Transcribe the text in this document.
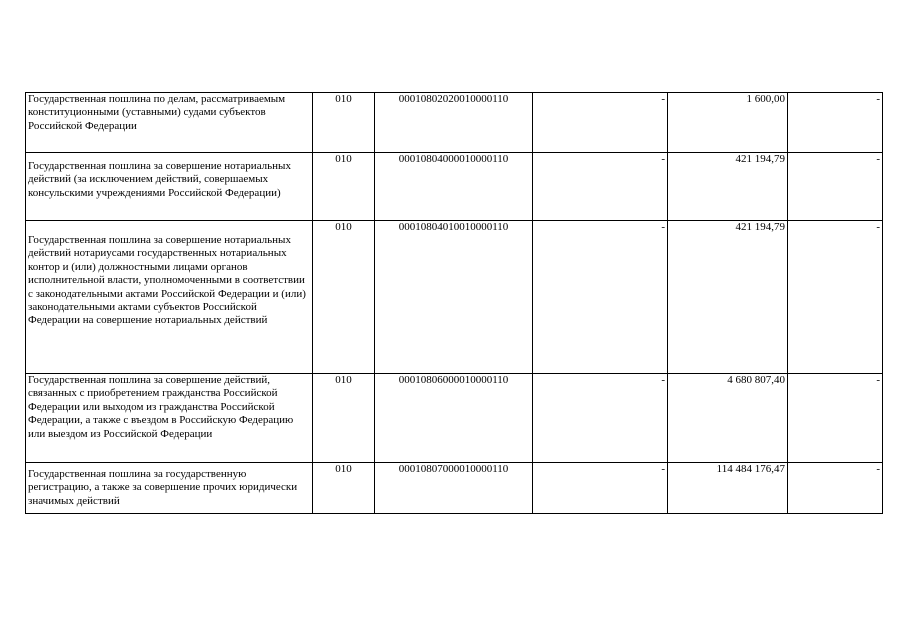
Государственная пошлина по делам, рассматриваемым конституционными (уставными) судами субъектов Российской Федерации	010	00010802020010000110	-	1 600,00	-

Государственная пошлина за совершение нотариальных действий (за исключением действий, совершаемых консульскими учреждениями Российской Федерации)	010	00010804000010000110	-	421 194,79	-

Государственная пошлина за совершение нотариальных действий нотариусами государственных нотариальных контор и (или) должностными лицами органов исполнительной власти, уполномоченными в соответствии с законодательными актами Российской Федерации и (или) законодательными актами субъектов Российской Федерации на совершение нотариальных действий	010	00010804010010000110	-	421 194,79	-

Государственная пошлина за совершение действий, связанных с приобретением гражданства Российской Федерации или выходом из гражданства Российской Федерации, а также с въездом в Российскую Федерацию или выездом из Российской Федерации	010	00010806000010000110	-	4 680 807,40	-

Государственная пошлина за государственную регистрацию, а также за совершение прочих юридически значимых действий	010	00010807000010000110	-	114 484 176,47	-
